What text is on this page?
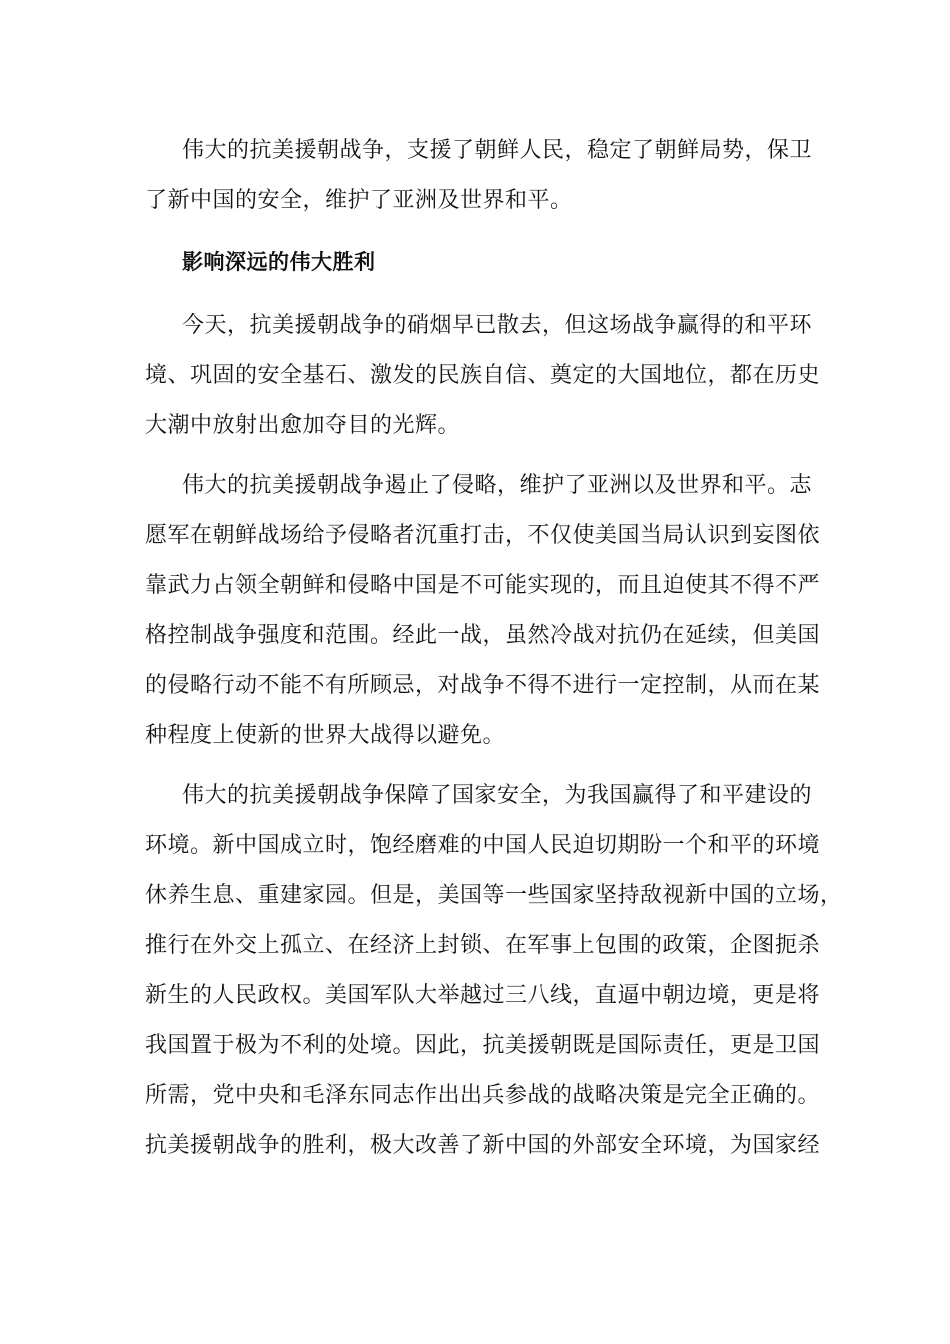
伟大的抗美援朝战争，支援了朝鲜人民，稳定了朝鲜局势，保卫
了新中国的安全，维护了亚洲及世界和平。
影响深远的伟大胜利
今天，抗美援朝战争的硝烟早已散去，但这场战争赢得的和平环
境、巩固的安全基石、激发的民族自信、奠定的大国地位，都在历史
大潮中放射出愈加夺目的光辉。
伟大的抗美援朝战争遏止了侵略，维护了亚洲以及世界和平。志
愿军在朝鲜战场给予侵略者沉重打击，不仅使美国当局认识到妄图依
靠武力占领全朝鲜和侵略中国是不可能实现的，而且迫使其不得不严
格控制战争强度和范围。经此一战，虽然冷战对抗仍在延续，但美国
的侵略行动不能不有所顾忌，对战争不得不进行一定控制，从而在某
种程度上使新的世界大战得以避免。
伟大的抗美援朝战争保障了国家安全，为我国赢得了和平建设的
环境。新中国成立时，饱经磨难的中国人民迫切期盼一个和平的环境
休养生息、重建家园。但是，美国等一些国家坚持敌视新中国的立场，
推行在外交上孤立、在经济上封锁、在军事上包围的政策，企图扼杀
新生的人民政权。美国军队大举越过三八线，直逼中朝边境，更是将
我国置于极为不利的处境。因此，抗美援朝既是国际责任，更是卫国
所需，党中央和毛泽东同志作出出兵参战的战略决策是完全正确的。
抗美援朝战争的胜利，极大改善了新中国的外部安全环境，为国家经
